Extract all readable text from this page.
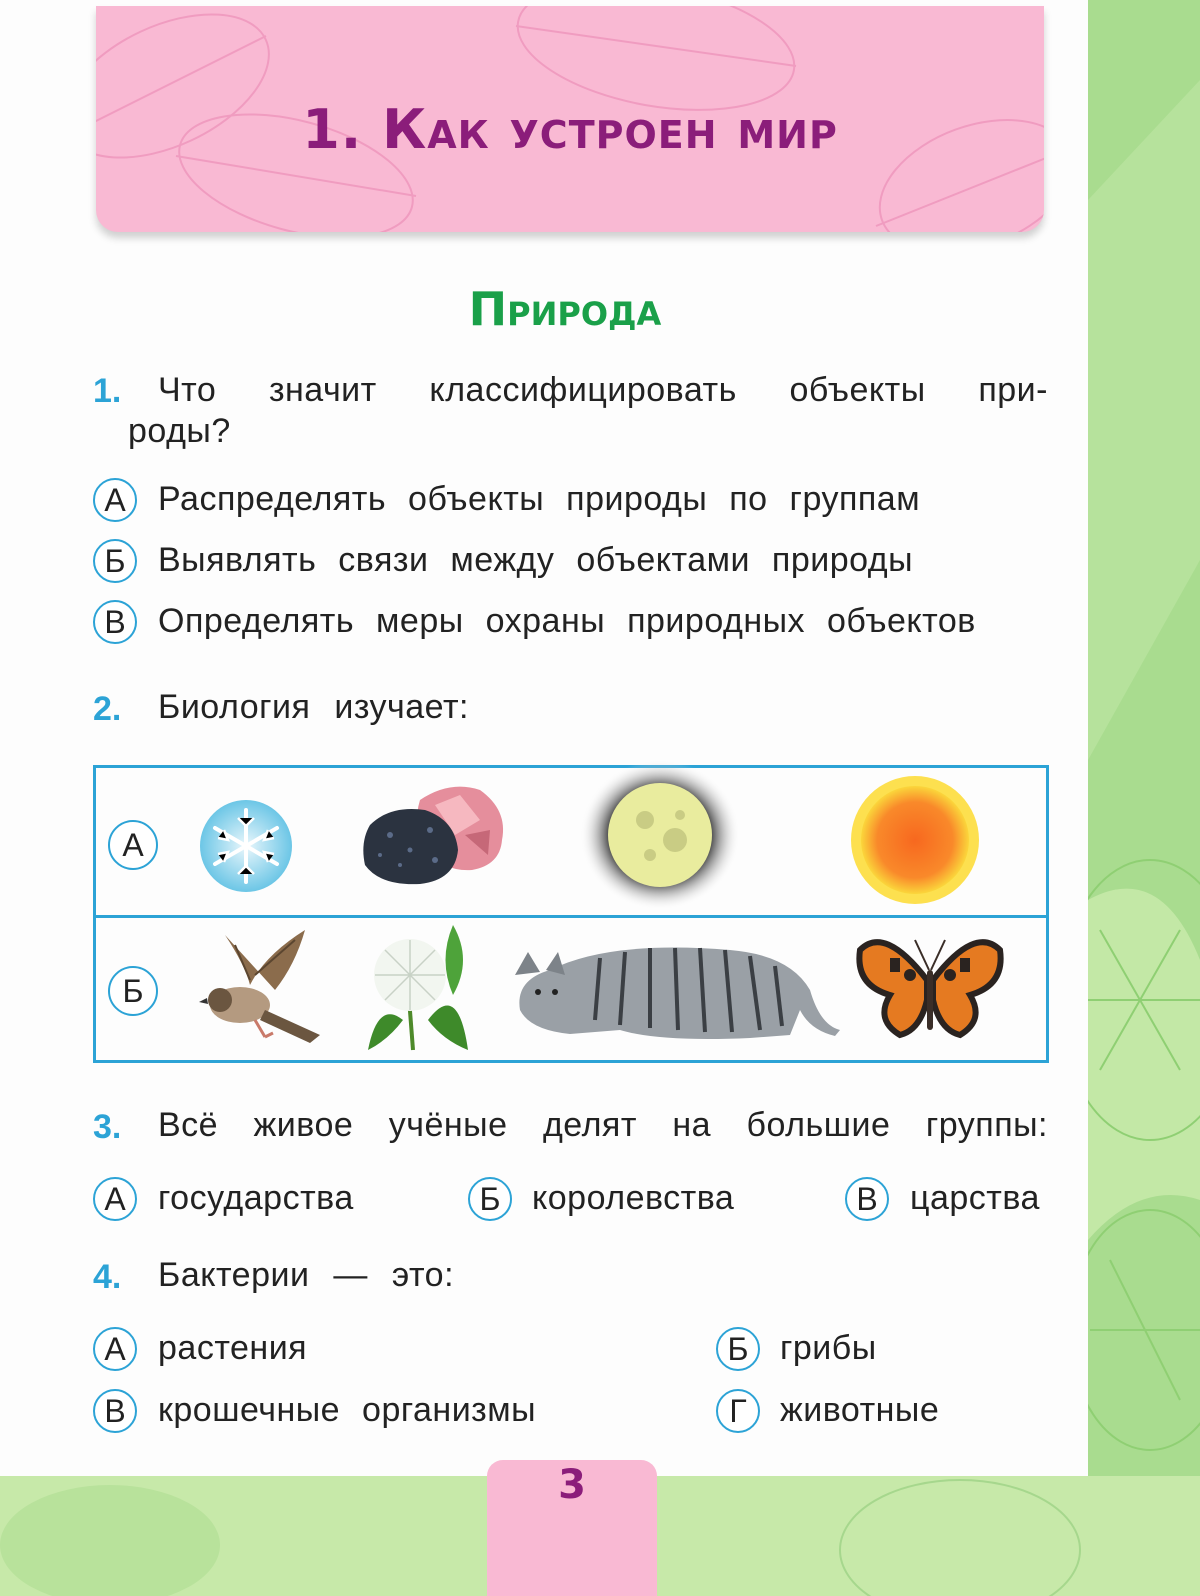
1. Как устроен мир
Природа
1. Что значит классифицировать объекты при-
роды?
А Распределять объекты природы по группам
Б Выявлять связи между объектами природы
В Определять меры охраны природных объектов
2. Биология изучает:
А
Б
3. Всё живое учёные делят на большие группы:
А государства	Б королевства	В царства
4. Бактерии — это:
А растения	Б грибы
В крошечные организмы	Г животные
3
